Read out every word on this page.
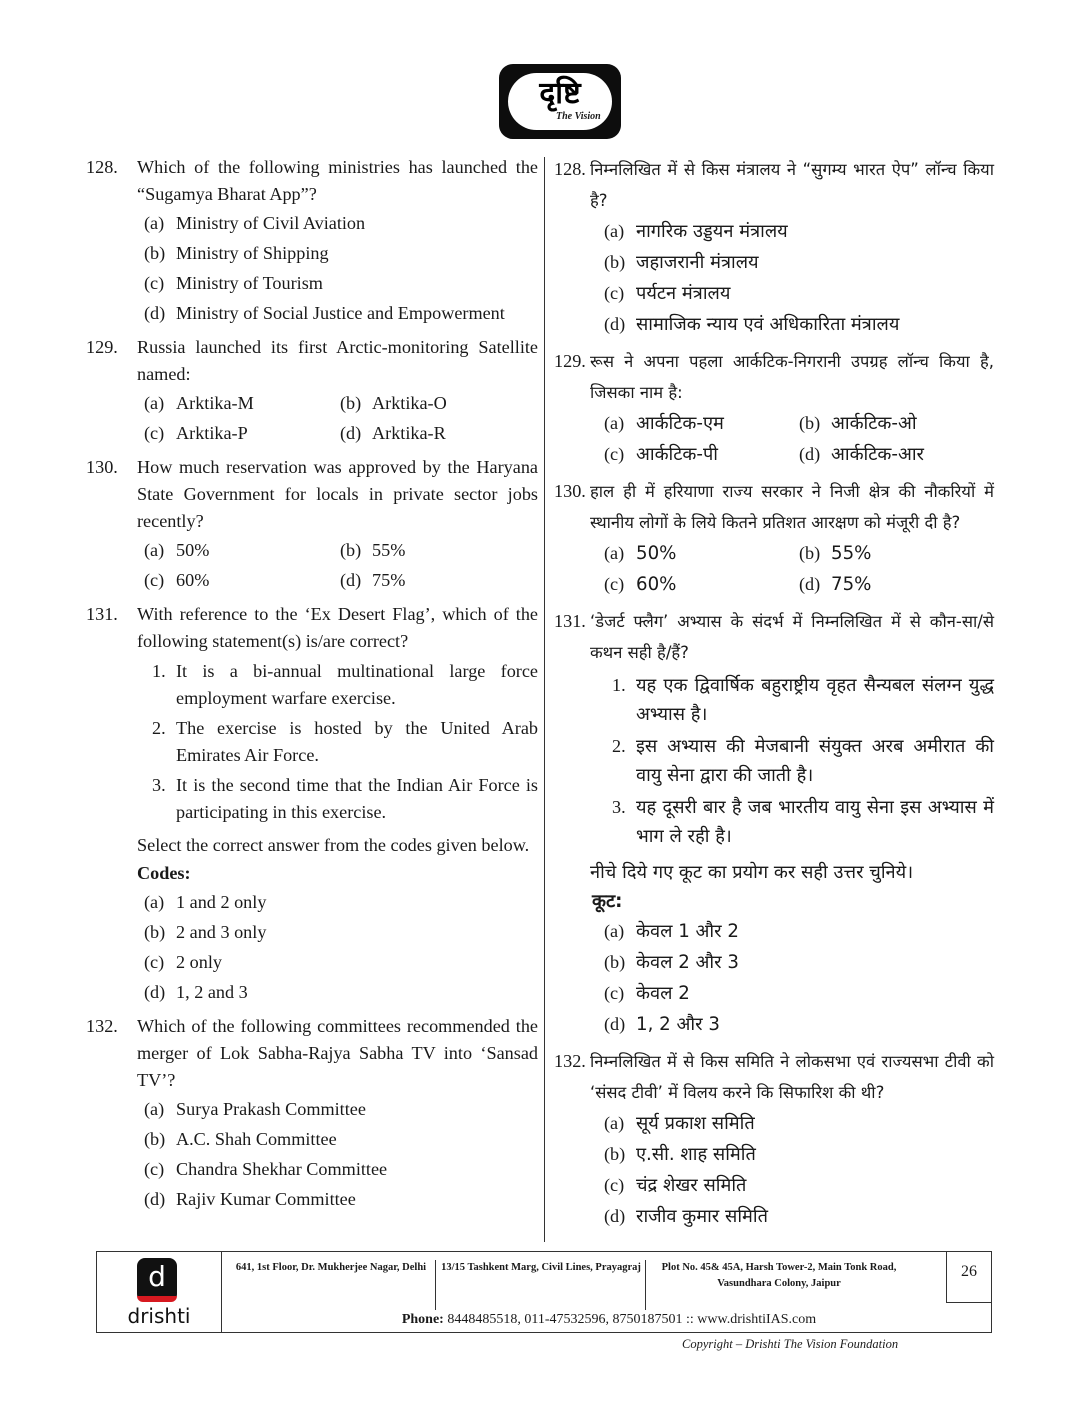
दृष्टि
The Vision
128. Which of the following ministries has launched the “Sugamya Bharat App”?
(a) Ministry of Civil Aviation
(b) Ministry of Shipping
(c) Ministry of Tourism
(d) Ministry of Social Justice and Empowerment
129. Russia launched its first Arctic-monitoring Satellite named:
(a) Arktika-M	(b) Arktika-O
(c) Arktika-P	(d) Arktika-R
130. How much reservation was approved by the Haryana State Government for locals in private sector jobs recently?
(a) 50%	(b) 55%
(c) 60%	(d) 75%
131. With reference to the ‘Ex Desert Flag’, which of the following statement(s) is/are correct?
1. It is a bi-annual multinational large force employment warfare exercise.
2. The exercise is hosted by the United Arab Emirates Air Force.
3. It is the second time that the Indian Air Force is participating in this exercise.
Select the correct answer from the codes given below.
Codes:
(a) 1 and 2 only
(b) 2 and 3 only
(c) 2 only
(d) 1, 2 and 3
132. Which of the following committees recommended the merger of Lok Sabha-Rajya Sabha TV into ‘Sansad TV’?
(a) Surya Prakash Committee
(b) A.C. Shah Committee
(c) Chandra Shekhar Committee
(d) Rajiv Kumar Committee
128. निम्नलिखित में से किस मंत्रालय ने “सुगम्य भारत ऐप” लॉन्च किया है?
(a) नागरिक उड्डयन मंत्रालय
(b) जहाजरानी मंत्रालय
(c) पर्यटन मंत्रालय
(d) सामाजिक न्याय एवं अधिकारिता मंत्रालय
129. रूस ने अपना पहला आर्कटिक-निगरानी उपग्रह लॉन्च किया है, जिसका नाम है:
(a) आर्कटिक-एम	(b) आर्कटिक-ओ
(c) आर्कटिक-पी	(d) आर्कटिक-आर
130. हाल ही में हरियाणा राज्य सरकार ने निजी क्षेत्र की नौकरियों में स्थानीय लोगों के लिये कितने प्रतिशत आरक्षण को मंजूरी दी है?
(a) 50%	(b) 55%
(c) 60%	(d) 75%
131. ‘डेजर्ट फ्लैग’ अभ्यास के संदर्भ में निम्नलिखित में से कौन-सा/से कथन सही है/हैं?
1. यह एक द्विवार्षिक बहुराष्ट्रीय वृहत सैन्यबल संलग्न युद्ध अभ्यास है।
2. इस अभ्यास की मेजबानी संयुक्त अरब अमीरात की वायु सेना द्वारा की जाती है।
3. यह दूसरी बार है जब भारतीय वायु सेना इस अभ्यास में भाग ले रही है।
नीचे दिये गए कूट का प्रयोग कर सही उत्तर चुनिये।
कूट:
(a) केवल 1 और 2
(b) केवल 2 और 3
(c) केवल 2
(d) 1, 2 और 3
132. निम्नलिखित में से किस समिति ने लोकसभा एवं राज्यसभा टीवी को ‘संसद टीवी’ में विलय करने कि सिफारिश की थी?
(a) सूर्य प्रकाश समिति
(b) ए.सी. शाह समिति
(c) चंद्र शेखर समिति
(d) राजीव कुमार समिति
d
drishti
641, 1st Floor, Dr. Mukherjee Nagar, Delhi	13/15 Tashkent Marg, Civil Lines, Prayagraj	Plot No. 45& 45A, Harsh Tower-2, Main Tonk Road, Vasundhara Colony, Jaipur
26
Phone: 8448485518, 011-47532596, 8750187501 :: www.drishtiIAS.com
Copyright – Drishti The Vision Foundation
